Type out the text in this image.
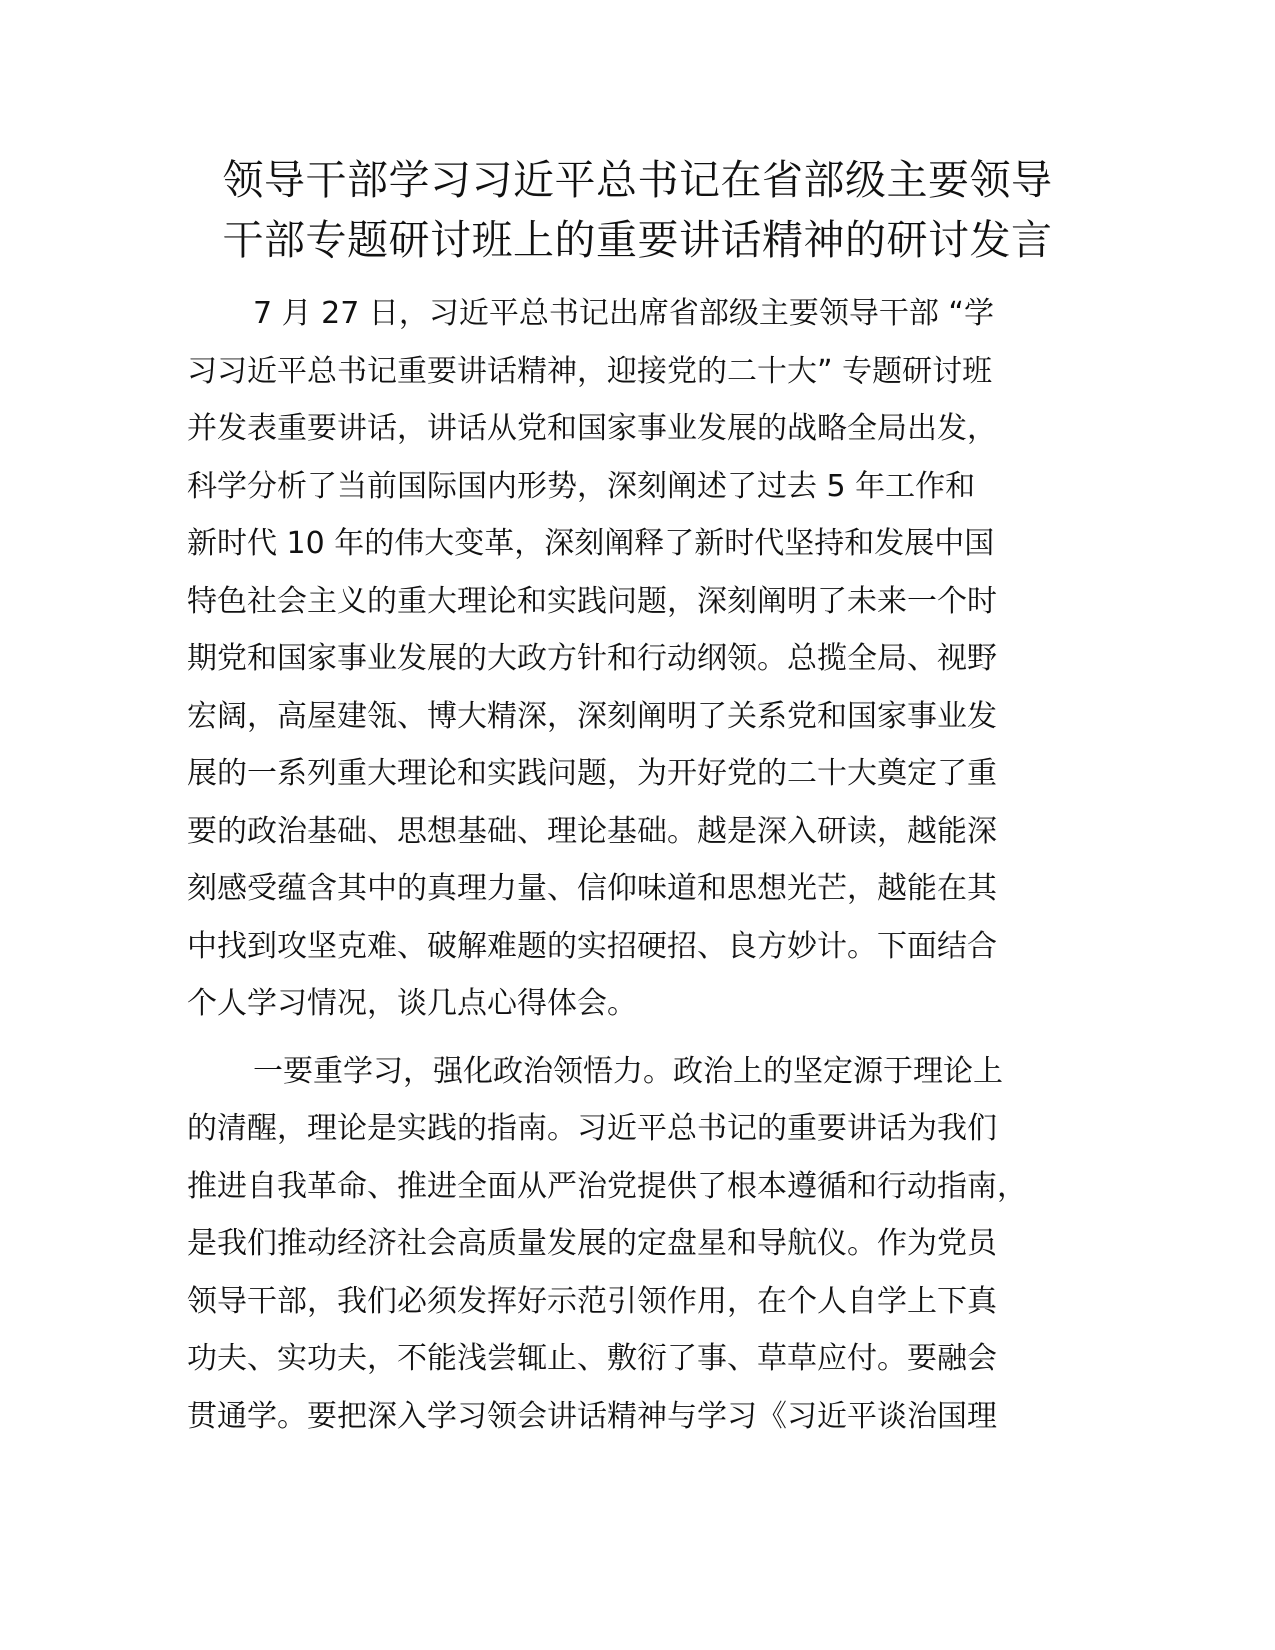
领导干部学习习近平总书记在省部级主要领导
干部专题研讨班上的重要讲话精神的研讨发言
7 月 27 日，习近平总书记出席省部级主要领导干部 “学
习习近平总书记重要讲话精神，迎接党的二十大” 专题研讨班
并发表重要讲话，讲话从党和国家事业发展的战略全局出发，
科学分析了当前国际国内形势，深刻阐述了过去 5 年工作和
新时代 10 年的伟大变革，深刻阐释了新时代坚持和发展中国
特色社会主义的重大理论和实践问题，深刻阐明了未来一个时
期党和国家事业发展的大政方针和行动纲领。总揽全局、视野
宏阔，高屋建瓴、博大精深，深刻阐明了关系党和国家事业发
展的一系列重大理论和实践问题，为开好党的二十大奠定了重
要的政治基础、思想基础、理论基础。越是深入研读，越能深
刻感受蕴含其中的真理力量、信仰味道和思想光芒，越能在其
中找到攻坚克难、破解难题的实招硬招、良方妙计。下面结合
个人学习情况，谈几点心得体会。
一要重学习，强化政治领悟力。政治上的坚定源于理论上
的清醒，理论是实践的指南。习近平总书记的重要讲话为我们
推进自我革命、推进全面从严治党提供了根本遵循和行动指南，
是我们推动经济社会高质量发展的定盘星和导航仪。作为党员
领导干部，我们必须发挥好示范引领作用，在个人自学上下真
功夫、实功夫，不能浅尝辄止、敷衍了事、草草应付。要融会
贯通学。要把深入学习领会讲话精神与学习《习近平谈治国理
